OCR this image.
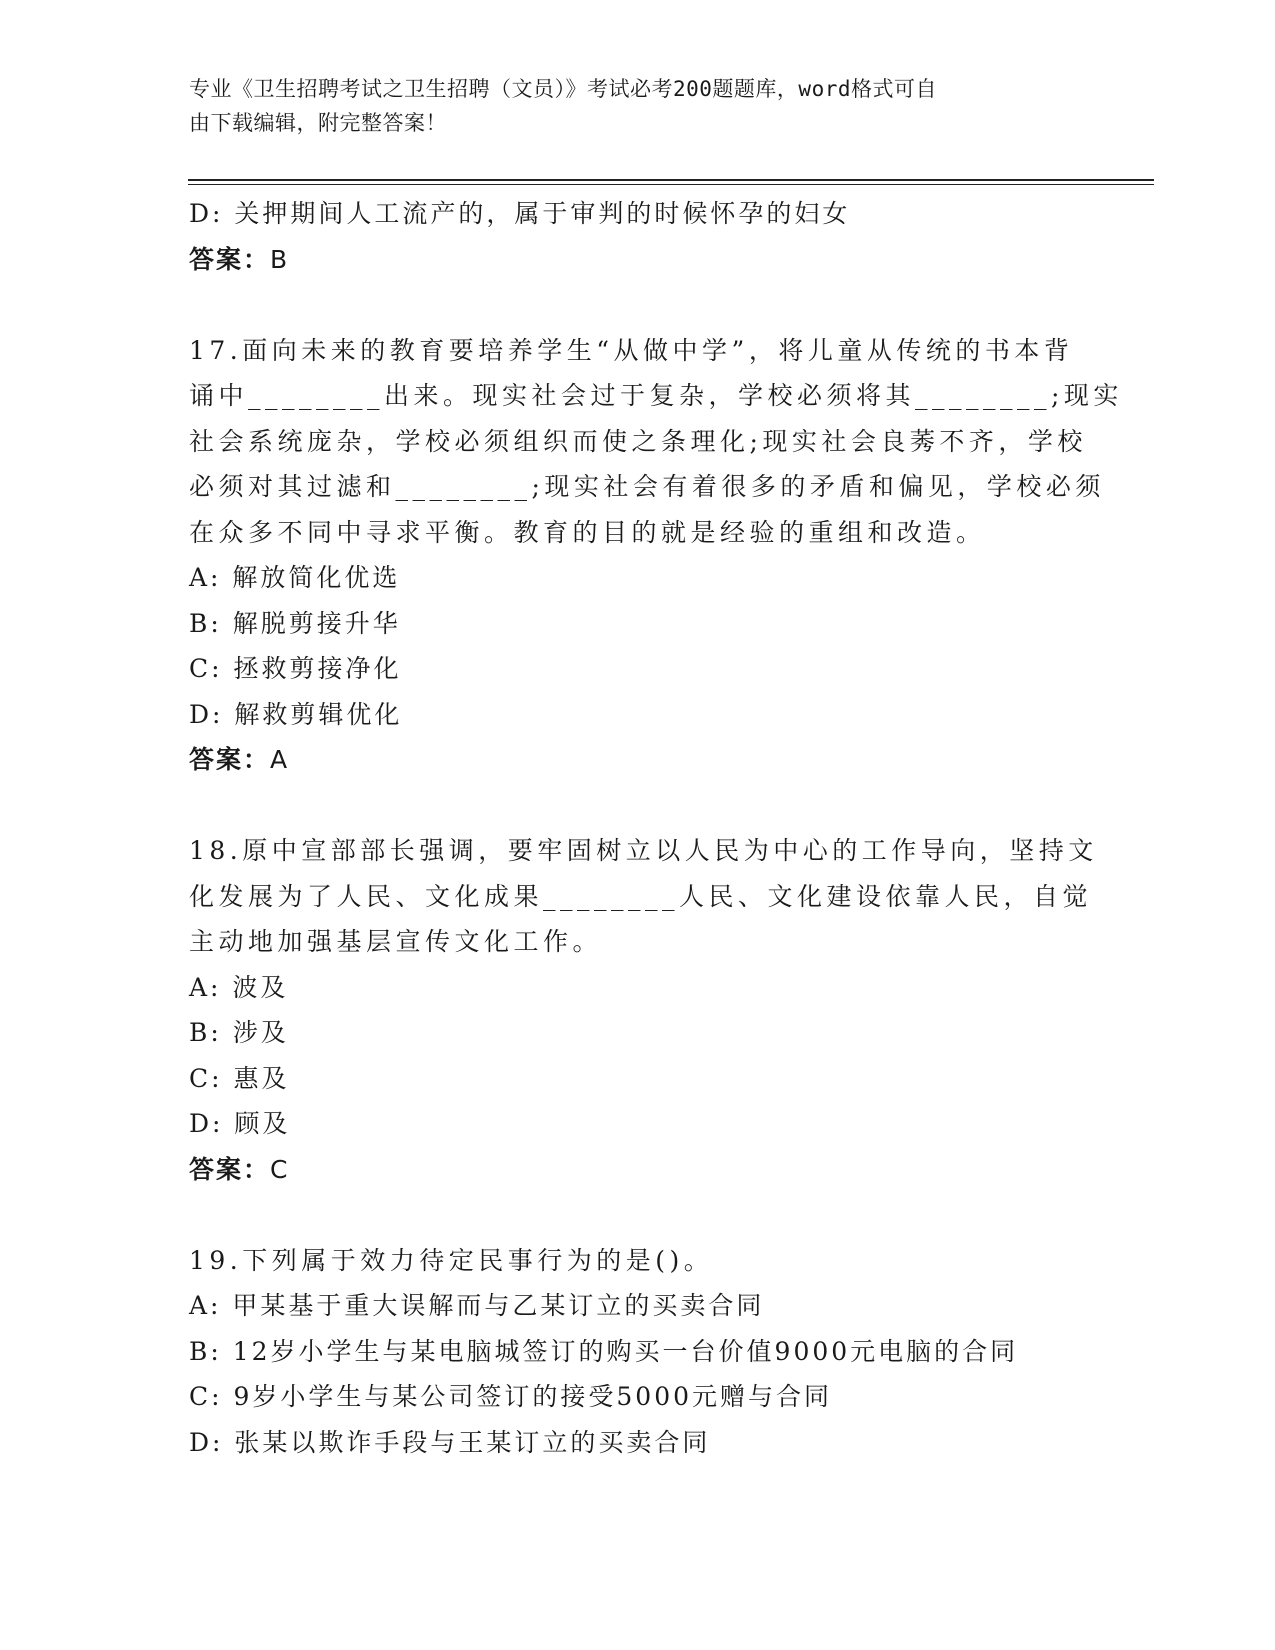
专业《卫生招聘考试之卫生招聘（文员）》考试必考200题题库，word格式可自
由下载编辑，附完整答案！
D: 关押期间人工流产的，属于审判的时候怀孕的妇女
答案：B
17.面向未来的教育要培养学生“从做中学”，将儿童从传统的书本背
诵中________出来。现实社会过于复杂，学校必须将其________;现实
社会系统庞杂，学校必须组织而使之条理化;现实社会良莠不齐，学校
必须对其过滤和________;现实社会有着很多的矛盾和偏见，学校必须
在众多不同中寻求平衡。教育的目的就是经验的重组和改造。
A: 解放简化优选
B: 解脱剪接升华
C: 拯救剪接净化
D: 解救剪辑优化
答案：A
18.原中宣部部长强调，要牢固树立以人民为中心的工作导向，坚持文
化发展为了人民、文化成果________人民、文化建设依靠人民，自觉
主动地加强基层宣传文化工作。
A: 波及
B: 涉及
C: 惠及
D: 顾及
答案：C
19.下列属于效力待定民事行为的是()。
A: 甲某基于重大误解而与乙某订立的买卖合同
B: 12岁小学生与某电脑城签订的购买一台价值9000元电脑的合同
C: 9岁小学生与某公司签订的接受5000元赠与合同
D: 张某以欺诈手段与王某订立的买卖合同
